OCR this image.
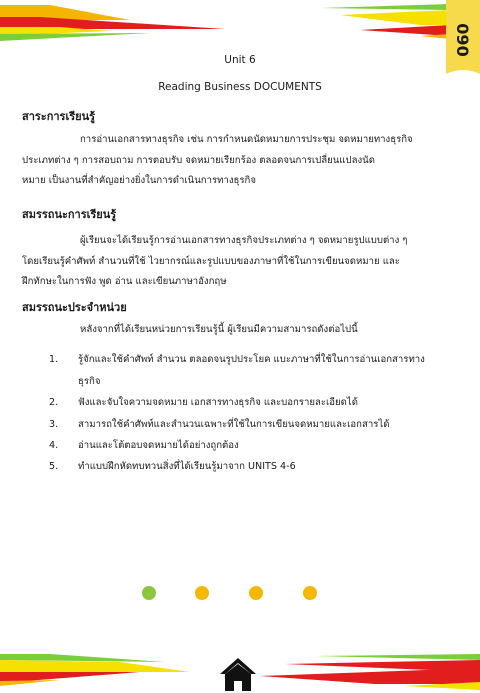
090
Unit 6
Reading Business DOCUMENTS
สาระการเรียนรู้
การอ่านเอกสารทางธุรกิจ เช่น การกำหนดนัดหมายการประชุม จดหมายทางธุรกิจ
ประเภทต่าง ๆ การสอบถาม การตอบรับ จดหมายเรียกร้อง ตลอดจนการเปลี่ยนแปลงนัด
หมาย เป็นงานที่สำคัญอย่างยิ่งในการดำเนินการทางธุรกิจ
สมรรถนะการเรียนรู้
ผู้เรียนจะได้เรียนรู้การอ่านเอกสารทางธุรกิจประเภทต่าง ๆ จดหมายรูปแบบต่าง ๆ
โดยเรียนรู้คำศัพท์ สำนวนที่ใช้ ไวยากรณ์และรูปแบบของภาษาที่ใช้ในการเขียนจดหมาย และ
ฝึกทักษะในการฟัง พูด อ่าน และเขียนภาษาอังกฤษ
สมรรถนะประจำหน่วย
หลังจากที่ได้เรียนหน่วยการเรียนรู้นี้ ผู้เรียนมีความสามารถดังต่อไปนี้
1. รู้จักและใช้คำศัพท์ สำนวน ตลอดจนรูปประโยค แบะภาษาที่ใช้ในการอ่านเอกสารทาง
ธุรกิจ
2. ฟังและจับใจความจดหมาย เอกสารทางธุรกิจ และบอกรายละเอียดได้
3. สามารถใช้คำศัพท์และสำนวนเฉพาะที่ใช้ในการเขียนจดหมายและเอกสารได้
4. อ่านและโต้ตอบจดหมายได้อย่างถูกต้อง
5. ทำแบบฝึกหัดทบทวนสิ่งที่ได้เรียนรู้มาจาก UNITS 4-6
